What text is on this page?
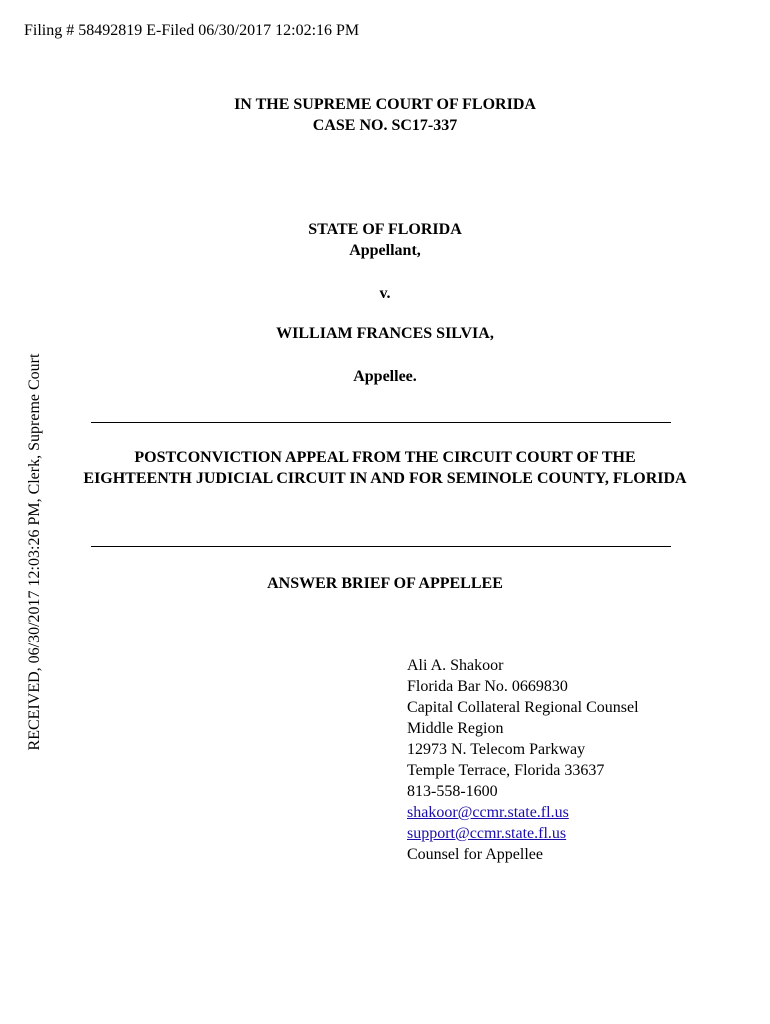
Filing # 58492819 E-Filed 06/30/2017 12:02:16 PM
RECEIVED, 06/30/2017 12:03:26 PM, Clerk, Supreme Court
IN THE SUPREME COURT OF FLORIDA
CASE NO. SC17-337
STATE OF FLORIDA
Appellant,
v.
WILLIAM FRANCES SILVIA,
Appellee.
POSTCONVICTION APPEAL FROM THE CIRCUIT COURT OF THE EIGHTEENTH JUDICIAL CIRCUIT IN AND FOR SEMINOLE COUNTY, FLORIDA
ANSWER BRIEF OF APPELLEE
Ali A. Shakoor
Florida Bar No. 0669830
Capital Collateral Regional Counsel
Middle Region
12973 N. Telecom Parkway
Temple Terrace, Florida 33637
813-558-1600
shakoor@ccmr.state.fl.us
support@ccmr.state.fl.us
Counsel for Appellee
